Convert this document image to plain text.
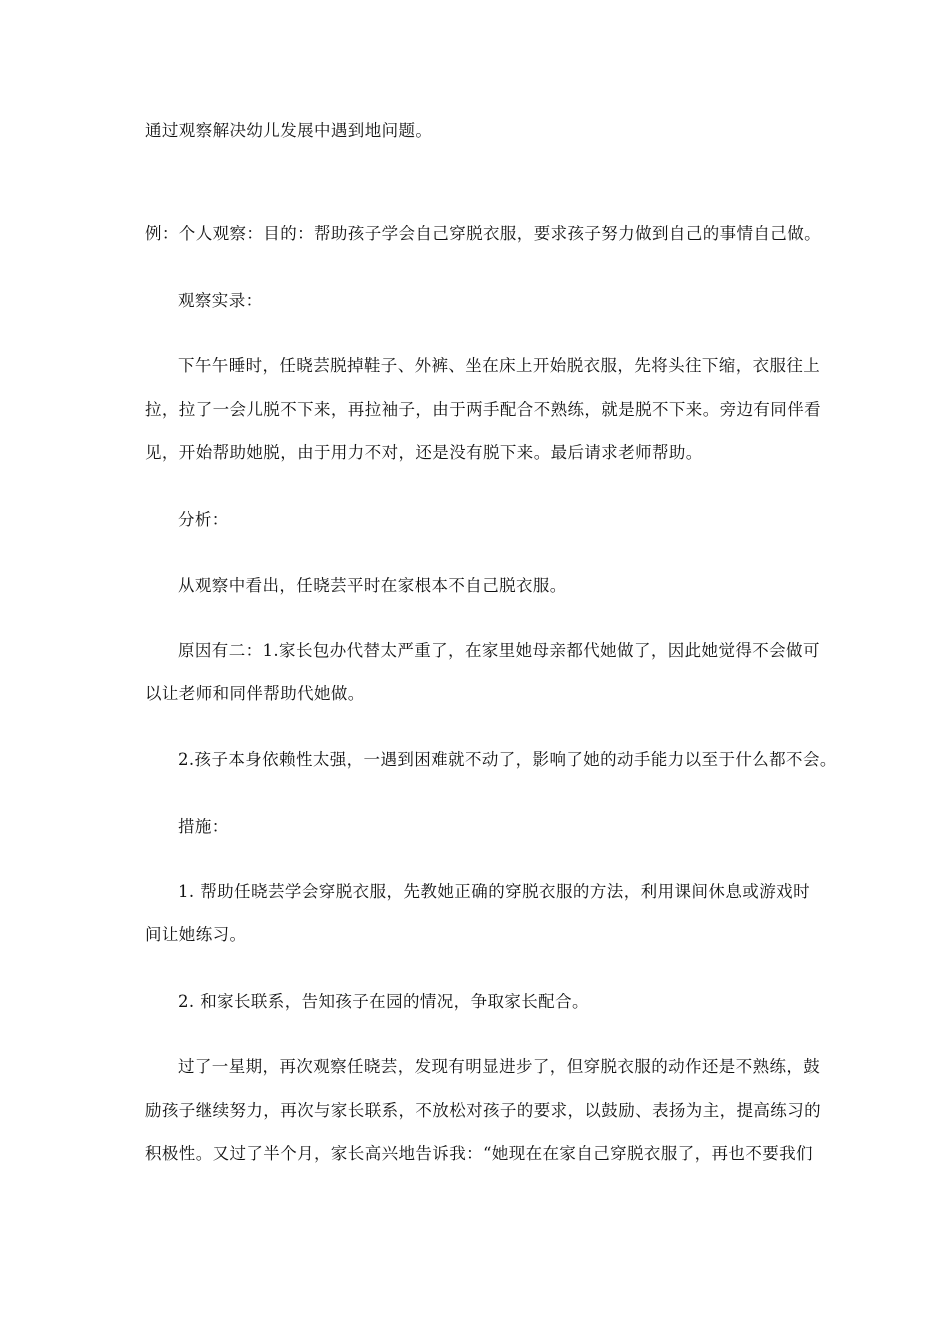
通过观察解决幼儿发展中遇到地问题。
例：个人观察：目的：帮助孩子学会自己穿脱衣服，要求孩子努力做到自己的事情自己做。
观察实录：
下午午睡时，任晓芸脱掉鞋子、外裤、坐在床上开始脱衣服，先将头往下缩，衣服往上
拉，拉了一会儿脱不下来，再拉袖子，由于两手配合不熟练，就是脱不下来。旁边有同伴看
见，开始帮助她脱，由于用力不对，还是没有脱下来。最后请求老师帮助。
分析：
从观察中看出，任晓芸平时在家根本不自己脱衣服。
原因有二：1.家长包办代替太严重了，在家里她母亲都代她做了，因此她觉得不会做可
以让老师和同伴帮助代她做。
2.孩子本身依赖性太强，一遇到困难就不动了，影响了她的动手能力以至于什么都不会。
措施：
1. 帮助任晓芸学会穿脱衣服，先教她正确的穿脱衣服的方法，利用课间休息或游戏时
间让她练习。
2. 和家长联系，告知孩子在园的情况，争取家长配合。
过了一星期，再次观察任晓芸，发现有明显进步了，但穿脱衣服的动作还是不熟练，鼓
励孩子继续努力，再次与家长联系，不放松对孩子的要求，以鼓励、表扬为主，提高练习的
积极性。又过了半个月，家长高兴地告诉我：“她现在在家自己穿脱衣服了，再也不要我们
